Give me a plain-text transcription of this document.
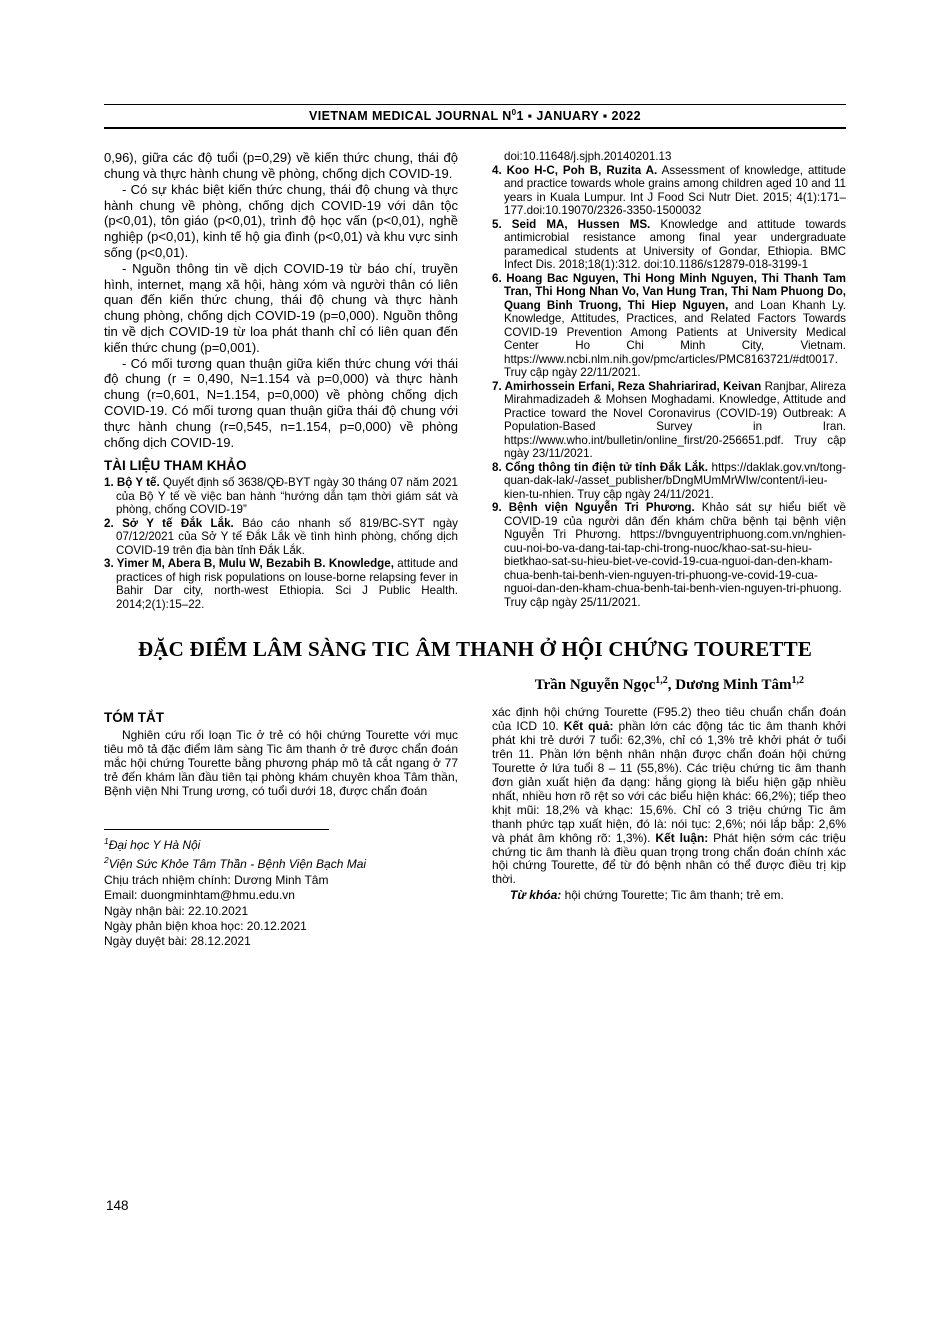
VIETNAM MEDICAL JOURNAL $N^01$ ▪ JANUARY ▪ 2022

0,96), giữa các độ tuổi (p=0,29) về kiến thức chung, thái độ chung và thực hành chung về phòng, chống dịch COVID-19.

- Có sự khác biệt kiến thức chung, thái độ chung và thực hành chung về phòng, chống dịch COVID-19 với dân tộc (p<0,01), tôn giáo (p<0,01), trình độ học vấn (p<0,01), nghề nghiệp (p<0,01), kinh tế hộ gia đình (p<0,01) và khu vực sinh sống (p<0,01).

- Nguồn thông tin về dịch COVID-19 từ báo chí, truyền hình, internet, mạng xã hội, hàng xóm và người thân có liên quan đến kiến thức chung, thái độ chung và thực hành chung phòng, chống dịch COVID-19 (p=0,000). Nguồn thông tin về dịch COVID-19 từ loa phát thanh chỉ có liên quan đến kiến thức chung (p=0,001).

- Có mối tương quan thuận giữa kiến thức chung với thái độ chung (r = 0,490, N=1.154 và p=0,000) và thực hành chung (r=0,601, N=1.154, p=0,000) về phòng chống dịch COVID-19. Có mối tương quan thuận giữa thái độ chung với thực hành chung (r=0,545, n=1.154, p=0,000) về phòng chống dịch COVID-19.

TÀI LIỆU THAM KHẢO

1. Bộ Y tế. Quyết định số 3638/QĐ-BYT ngày 30 tháng 07 năm 2021 của Bộ Y tế về việc ban hành “hướng dẫn tạm thời giám sát và phòng, chống COVID-19”

2. Sở Y tế Đắk Lắk. Báo cáo nhanh số 819/BC-SYT ngày 07/12/2021 của Sở Y tế Đắk Lắk về tình hình phòng, chống dịch COVID-19 trên địa bàn tỉnh Đắk Lắk.

3. Yimer M, Abera B, Mulu W, Bezabih B. Knowledge, attitude and practices of high risk populations on louse-borne relapsing fever in Bahir Dar city, north-west Ethiopia. Sci J Public Health. 2014;2(1):15–22.

doi:10.11648/j.sjph.20140201.13

4. Koo H-C, Poh B, Ruzita A. Assessment of knowledge, attitude and practice towards whole grains among children aged 10 and 11 years in Kuala Lumpur. Int J Food Sci Nutr Diet. 2015; 4(1):171–177.doi:10.19070/2326-3350-1500032

5. Seid MA, Hussen MS. Knowledge and attitude towards antimicrobial resistance among final year undergraduate paramedical students at University of Gondar, Ethiopia. BMC Infect Dis. 2018;18(1):312. doi:10.1186/s12879-018-3199-1

6. Hoang Bac Nguyen, Thi Hong Minh Nguyen, Thi Thanh Tam Tran, Thi Hong Nhan Vo, Van Hung Tran, Thi Nam Phuong Do, Quang Binh Truong, Thi Hiep Nguyen, and Loan Khanh Ly. Knowledge, Attitudes, Practices, and Related Factors Towards COVID-19 Prevention Among Patients at University Medical Center Ho Chi Minh City, Vietnam. https://www.ncbi.nlm.nih.gov/pmc/articles/PMC8163721/#dt0017. Truy cập ngày 22/11/2021.

7. Amirhossein Erfani, Reza Shahriarirad, Keivan Ranjbar, Alireza Mirahmadizadeh & Mohsen Moghadami. Knowledge, Attitude and Practice toward the Novel Coronavirus (COVID-19) Outbreak: A Population-Based Survey in Iran. https://www.who.int/bulletin/online_first/20-256651.pdf. Truy cập ngày 23/11/2021.

8. Cổng thông tin điện tử tỉnh Đắk Lắk. https://daklak.gov.vn/tong-quan-dak-lak/-/asset_publisher/bDngMUmMrWIw/content/i-ieu-kien-tu-nhien. Truy cập ngày 24/11/2021.

9. Bệnh viện Nguyễn Tri Phương. Khảo sát sự hiểu biết về COVID-19 của người dân đến khám chữa bệnh tại bệnh viện Nguyễn Tri Phương. https://bvnguyentriphuong.com.vn/nghien-cuu-noi-bo-va-dang-tai-tap-chi-trong-nuoc/khao-sat-su-hieu-bietkhao-sat-su-hieu-biet-ve-covid-19-cua-nguoi-dan-den-kham-chua-benh-tai-benh-vien-nguyen-tri-phuong-ve-covid-19-cua-nguoi-dan-den-kham-chua-benh-tai-benh-vien-nguyen-tri-phuong. Truy cập ngày 25/11/2021.

ĐẶC ĐIỂM LÂM SÀNG TIC ÂM THANH Ở HỘI CHỨNG TOURETTE
Trần Nguyễn Ngọc$^{1,2}$, Dương Minh Tâm$^{1,2}$
TÓM TẮT

Nghiên cứu rối loạn Tic ở trẻ có hội chứng Tourette với mục tiêu mô tả đặc điểm lâm sàng Tic âm thanh ở trẻ được chẩn đoán mắc hội chứng Tourette bằng phương pháp mô tả cắt ngang ở 77 trẻ đến khám lần đầu tiên tại phòng khám chuyên khoa Tâm thần, Bệnh viện Nhi Trung ương, có tuổi dưới 18, được chẩn đoán

$^1$Đại học Y Hà Nội
$^2$Viện Sức Khỏe Tâm Thần - Bệnh Viện Bạch Mai
Chịu trách nhiệm chính: Dương Minh Tâm
Email: duongminhtam@hmu.edu.vn
Ngày nhận bài: 22.10.2021
Ngày phản biện khoa học: 20.12.2021
Ngày duyệt bài: 28.12.2021

xác định hội chứng Tourette (F95.2) theo tiêu chuẩn chẩn đoán của ICD 10. Kết quả: phần lớn các động tác tic âm thanh khởi phát khi trẻ dưới 7 tuổi: 62,3%, chỉ có 1,3% trẻ khởi phát ở tuổi trên 11. Phần lớn bệnh nhân nhận được chẩn đoán hội chứng Tourette ở lứa tuổi 8 – 11 (55,8%). Các triệu chứng tic âm thanh đơn giản xuất hiện đa dạng: hắng giọng là biểu hiện gặp nhiều nhất, nhiều hơn rõ rệt so với các biểu hiện khác: 66,2%); tiếp theo khịt mũi: 18,2% và khạc: 15,6%. Chỉ có 3 triệu chứng Tic âm thanh phức tạp xuất hiện, đó là: nói tục: 2,6%; nói lắp bắp: 2,6% và phát âm không rõ: 1,3%). Kết luận: Phát hiện sớm các triệu chứng tic âm thanh là điều quan trọng trong chẩn đoán chính xác hội chứng Tourette, để từ đó bệnh nhân có thể được điều trị kịp thời.

Từ khóa: hội chứng Tourette; Tic âm thanh; trẻ em.

148
